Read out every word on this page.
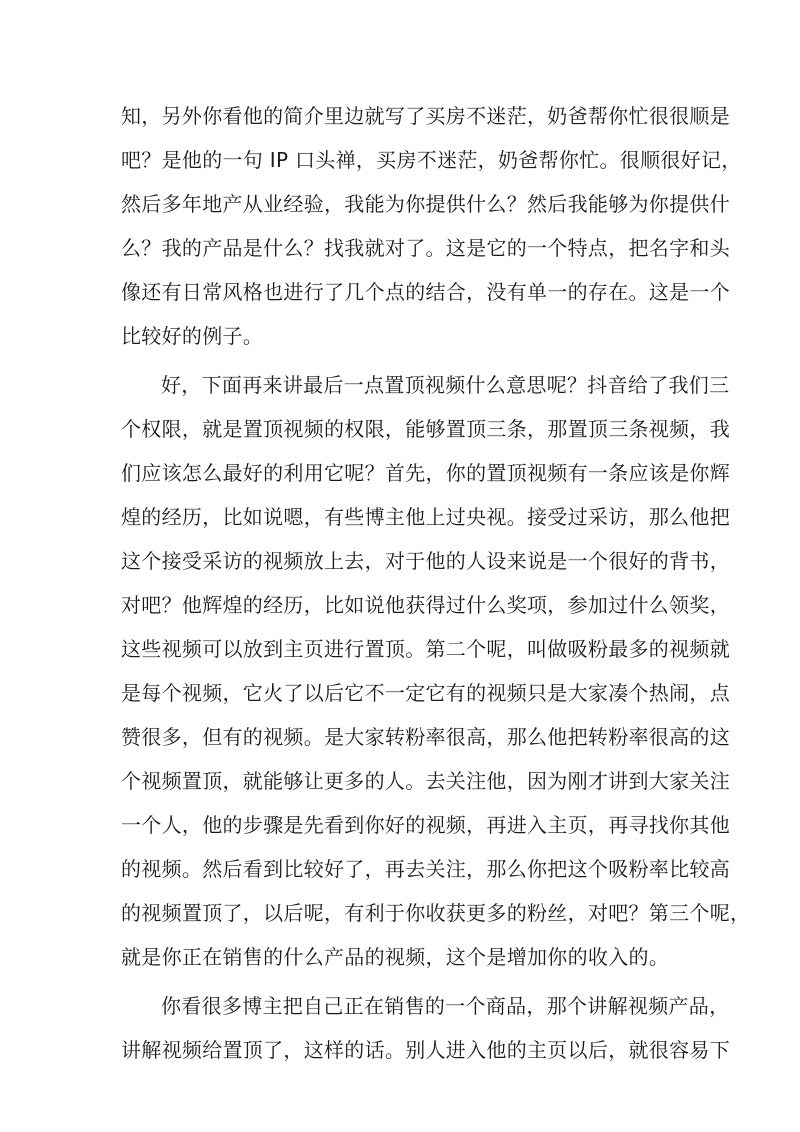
知，另外你看他的简介里边就写了买房不迷茫，奶爸帮你忙很很顺是
吧？是他的一句 IP 口头禅，买房不迷茫，奶爸帮你忙。很顺很好记，
然后多年地产从业经验，我能为你提供什么？然后我能够为你提供什
么？我的产品是什么？找我就对了。这是它的一个特点，把名字和头
像还有日常风格也进行了几个点的结合，没有单一的存在。这是一个
比较好的例子。
好，下面再来讲最后一点置顶视频什么意思呢？抖音给了我们三
个权限，就是置顶视频的权限，能够置顶三条，那置顶三条视频，我
们应该怎么最好的利用它呢？首先，你的置顶视频有一条应该是你辉
煌的经历，比如说嗯，有些博主他上过央视。接受过采访，那么他把
这个接受采访的视频放上去，对于他的人设来说是一个很好的背书，
对吧？他辉煌的经历，比如说他获得过什么奖项，参加过什么领奖，
这些视频可以放到主页进行置顶。第二个呢，叫做吸粉最多的视频就
是每个视频，它火了以后它不一定它有的视频只是大家凑个热闹，点
赞很多，但有的视频。是大家转粉率很高，那么他把转粉率很高的这
个视频置顶，就能够让更多的人。去关注他，因为刚才讲到大家关注
一个人，他的步骤是先看到你好的视频，再进入主页，再寻找你其他
的视频。然后看到比较好了，再去关注，那么你把这个吸粉率比较高
的视频置顶了，以后呢，有利于你收获更多的粉丝，对吧？第三个呢，
就是你正在销售的什么产品的视频，这个是增加你的收入的。
你看很多博主把自己正在销售的一个商品，那个讲解视频产品，
讲解视频给置顶了，这样的话。别人进入他的主页以后，就很容易下
